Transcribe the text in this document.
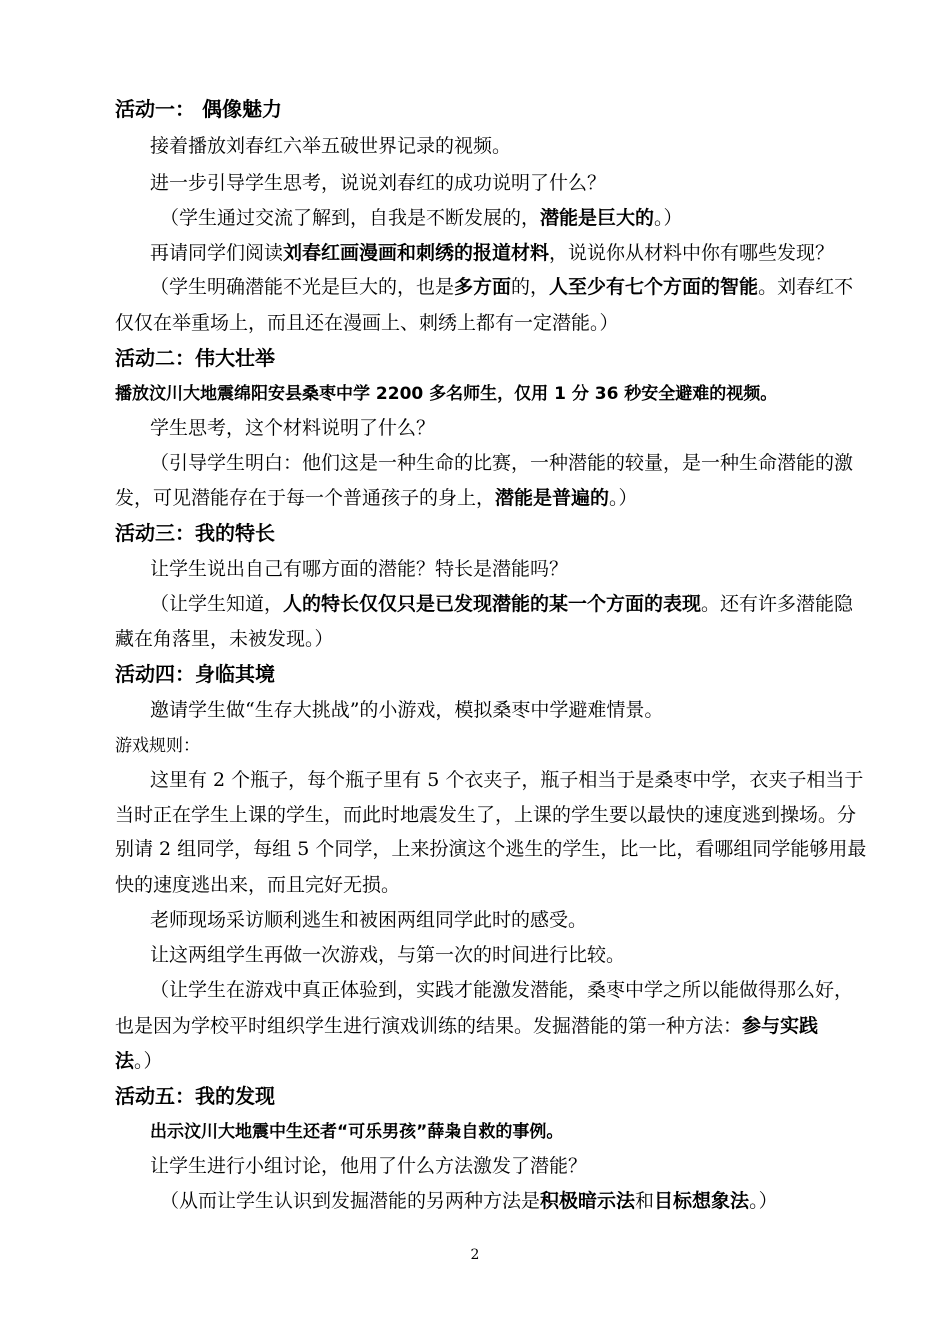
活动一： 偶像魅力
接着播放刘春红六举五破世界记录的视频。
进一步引导学生思考，说说刘春红的成功说明了什么？
（学生通过交流了解到，自我是不断发展的，潜能是巨大的。）
再请同学们阅读刘春红画漫画和刺绣的报道材料，说说你从材料中你有哪些发现？
（学生明确潜能不光是巨大的，也是多方面的，人至少有七个方面的智能。刘春红不
仅仅在举重场上，而且还在漫画上、刺绣上都有一定潜能。）
活动二：伟大壮举
播放汶川大地震绵阳安县桑枣中学 2200 多名师生，仅用 1 分 36 秒安全避难的视频。
学生思考，这个材料说明了什么？
（引导学生明白：他们这是一种生命的比赛，一种潜能的较量，是一种生命潜能的激
发，可见潜能存在于每一个普通孩子的身上，潜能是普遍的。）
活动三：我的特长
让学生说出自己有哪方面的潜能？特长是潜能吗？
（让学生知道，人的特长仅仅只是已发现潜能的某一个方面的表现。还有许多潜能隐
藏在角落里，未被发现。）
活动四：身临其境
邀请学生做“生存大挑战”的小游戏，模拟桑枣中学避难情景。
游戏规则：
这里有 2 个瓶子，每个瓶子里有 5 个衣夹子，瓶子相当于是桑枣中学，衣夹子相当于
当时正在学生上课的学生，而此时地震发生了，上课的学生要以最快的速度逃到操场。分
别请 2 组同学，每组 5 个同学，上来扮演这个逃生的学生，比一比，看哪组同学能够用最
快的速度逃出来，而且完好无损。
老师现场采访顺利逃生和被困两组同学此时的感受。
让这两组学生再做一次游戏，与第一次的时间进行比较。
（让学生在游戏中真正体验到，实践才能激发潜能，桑枣中学之所以能做得那么好，
也是因为学校平时组织学生进行演戏训练的结果。发掘潜能的第一种方法：参与实践
法。）
活动五：我的发现
出示汶川大地震中生还者“可乐男孩”薛枭自救的事例。
让学生进行小组讨论，他用了什么方法激发了潜能？
（从而让学生认识到发掘潜能的另两种方法是积极暗示法和目标想象法。）
2
